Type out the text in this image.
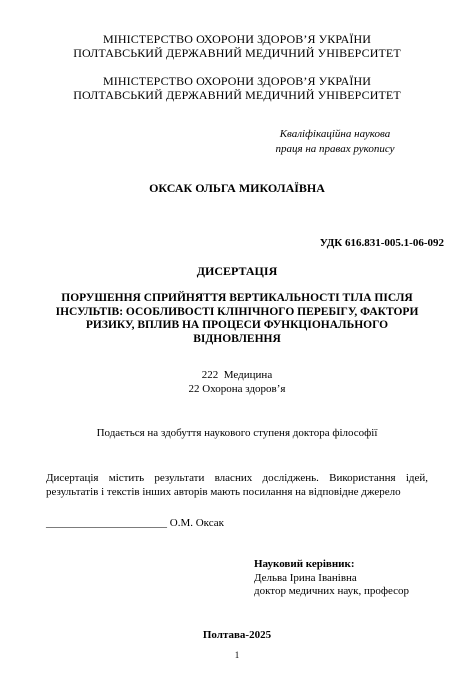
МІНІСТЕРСТВО ОХОРОНИ ЗДОРОВ’Я УКРАЇНИ
ПОЛТАВСЬКИЙ ДЕРЖАВНИЙ МЕДИЧНИЙ УНІВЕРСИТЕТ
МІНІСТЕРСТВО ОХОРОНИ ЗДОРОВ’Я УКРАЇНИ
ПОЛТАВСЬКИЙ ДЕРЖАВНИЙ МЕДИЧНИЙ УНІВЕРСИТЕТ
Кваліфікаційна наукова
праця на правах рукопису
ОКСАК ОЛЬГА МИКОЛАЇВНА
УДК 616.831-005.1-06-092
ДИСЕРТАЦІЯ
ПОРУШЕННЯ СПРИЙНЯТТЯ ВЕРТИКАЛЬНОСТІ ТІЛА ПІСЛЯ
ІНСУЛЬТІВ: ОСОБЛИВОСТІ КЛІНІЧНОГО ПЕРЕБІГУ, ФАКТОРИ
РИЗИКУ, ВПЛИВ НА ПРОЦЕСИ ФУНКЦІОНАЛЬНОГО
ВІДНОВЛЕННЯ
222  Медицина
22 Охорона здоров’я
Подається на здобуття наукового ступеня доктора філософії
Дисертація містить результати власних досліджень. Використання ідей, результатів і текстів інших авторів мають посилання на відповідне джерело
______________________ О.М. Оксак
Науковий керівник:
Дельва Ірина Іванівна
доктор медичних наук, професор
Полтава-2025
1
